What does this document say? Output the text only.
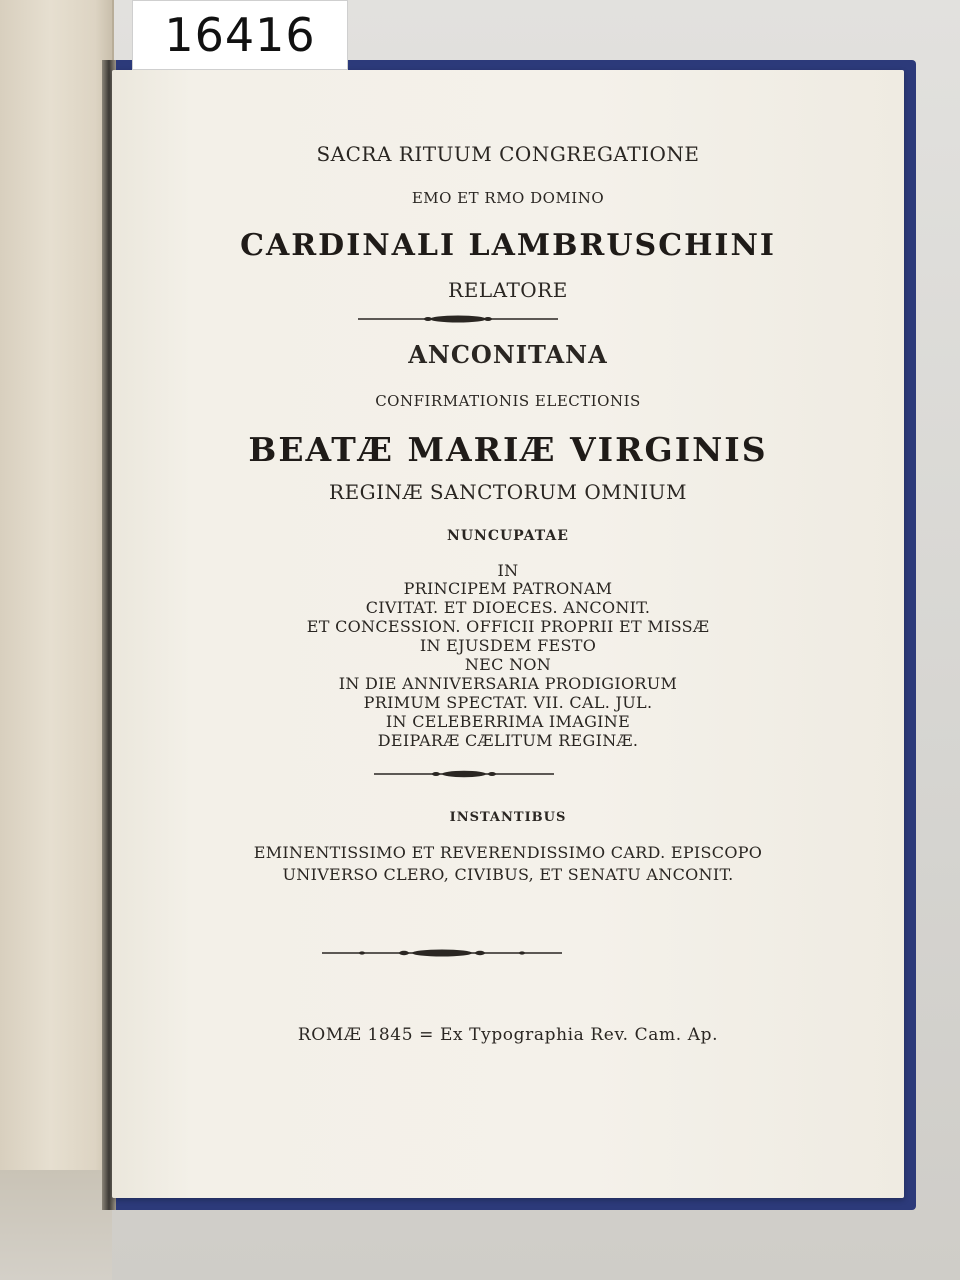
16416
SACRA RITUUM CONGREGATIONE
EMO ET RMO DOMINO
CARDINALI LAMBRUSCHINI
RELATORE
ANCONITANA
CONFIRMATIONIS ELECTIONIS
BEATÆ MARIÆ VIRGINIS
REGINÆ SANCTORUM OMNIUM
NUNCUPATAE
IN
PRINCIPEM PATRONAM
CIVITAT. ET DIOECES. ANCONIT.
ET CONCESSION. OFFICII PROPRII ET MISSÆ
IN EJUSDEM FESTO
NEC NON
IN DIE ANNIVERSARIA PRODIGIORUM
PRIMUM SPECTAT. VII. CAL. JUL.
IN CELEBERRIMA IMAGINE
DEIPARÆ CÆLITUM REGINÆ.
INSTANTIBUS
EMINENTISSIMO ET REVERENDISSIMO CARD. EPISCOPO
UNIVERSO CLERO, CIVIBUS, ET SENATU ANCONIT.
ROMÆ 1845 = Ex Typographia Rev. Cam. Ap.
